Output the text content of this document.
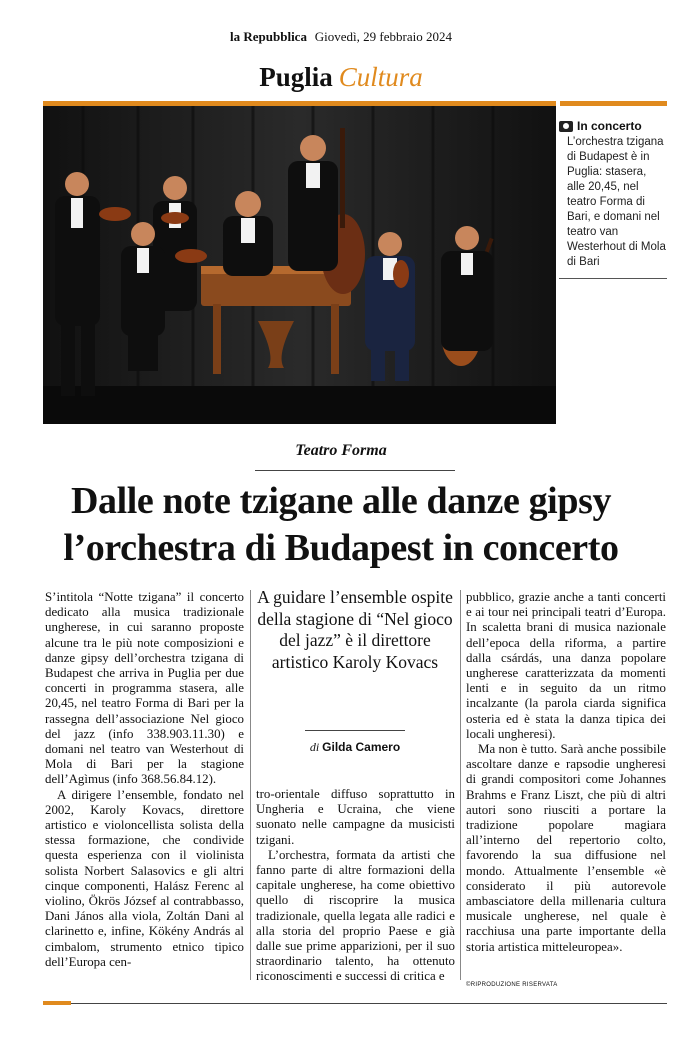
la Repubblica Giovedì, 29 febbraio 2024
Puglia Cultura
In concerto
L’orchestra tzigana di Budapest è in Puglia: stasera, alle 20,45, nel teatro Forma di Bari, e domani nel teatro van Westerhout di Mola di Bari
Teatro Forma
Dalle note tzigane alle danze gipsy
l’orchestra di Budapest in concerto

S’intitola “Notte tzigana” il concerto dedicato alla musica tradizionale ungherese, in cui saranno proposte alcune tra le più note composizioni e danze gipsy dell’orchestra tzigana di Budapest che arriva in Puglia per due concerti in programma stasera, alle 20,45, nel teatro Forma di Bari per la rassegna dell’associazione Nel gioco del jazz (info 338.903.11.30) e domani nel teatro van Westerhout di Mola di Bari per la stagione dell’Agìmus (info 368.56.84.12).

A dirigere l’ensemble, fondato nel 2002, Karoly Kovacs, direttore artistico e violoncellista solista della stessa formazione, che condivide questa esperienza con il violinista solista Norbert Salasovics e gli altri cinque componenti, Halász Ferenc al violino, Ökrös József al contrabbasso, Dani János alla viola, Zoltán Dani al clarinetto e, infine, Kökény András al cimbalom, strumento etnico tipico dell’Europa cen-

A guidare l’ensemble ospite della stagione di “Nel gioco del jazz” è il direttore artistico Karoly Kovacs
di Gilda Camero

tro-orientale diffuso soprattutto in Ungheria e Ucraina, che viene suonato nelle campagne da musicisti tzigani.

L’orchestra, formata da artisti che fanno parte di altre formazioni della capitale ungherese, ha come obiettivo quello di riscoprire la musica tradizionale, quella legata alle radici e alla storia del proprio Paese e già dalle sue prime apparizioni, per il suo straordinario talento, ha ottenuto riconoscimenti e successi di critica e

pubblico, grazie anche a tanti concerti e ai tour nei principali teatri d’Europa. In scaletta brani di musica nazionale dell’epoca della riforma, a partire dalla csárdás, una danza popolare ungherese caratterizzata da momenti lenti e in seguito da un ritmo incalzante (la parola ciarda significa osteria ed è stata la danza tipica dei locali ungheresi).

Ma non è tutto. Sarà anche possibile ascoltare danze e rapsodie ungheresi di grandi compositori come Johannes Brahms e Franz Liszt, che più di altri autori sono riusciti a portare la tradizione popolare magiara all’interno del repertorio colto, favorendo la sua diffusione nel mondo. Attualmente l’ensemble «è considerato il più autorevole ambasciatore della millenaria cultura musicale ungherese, nel quale è racchiusa una parte importante della storia artistica mitteleuropea».

©RIPRODUZIONE RISERVATA
